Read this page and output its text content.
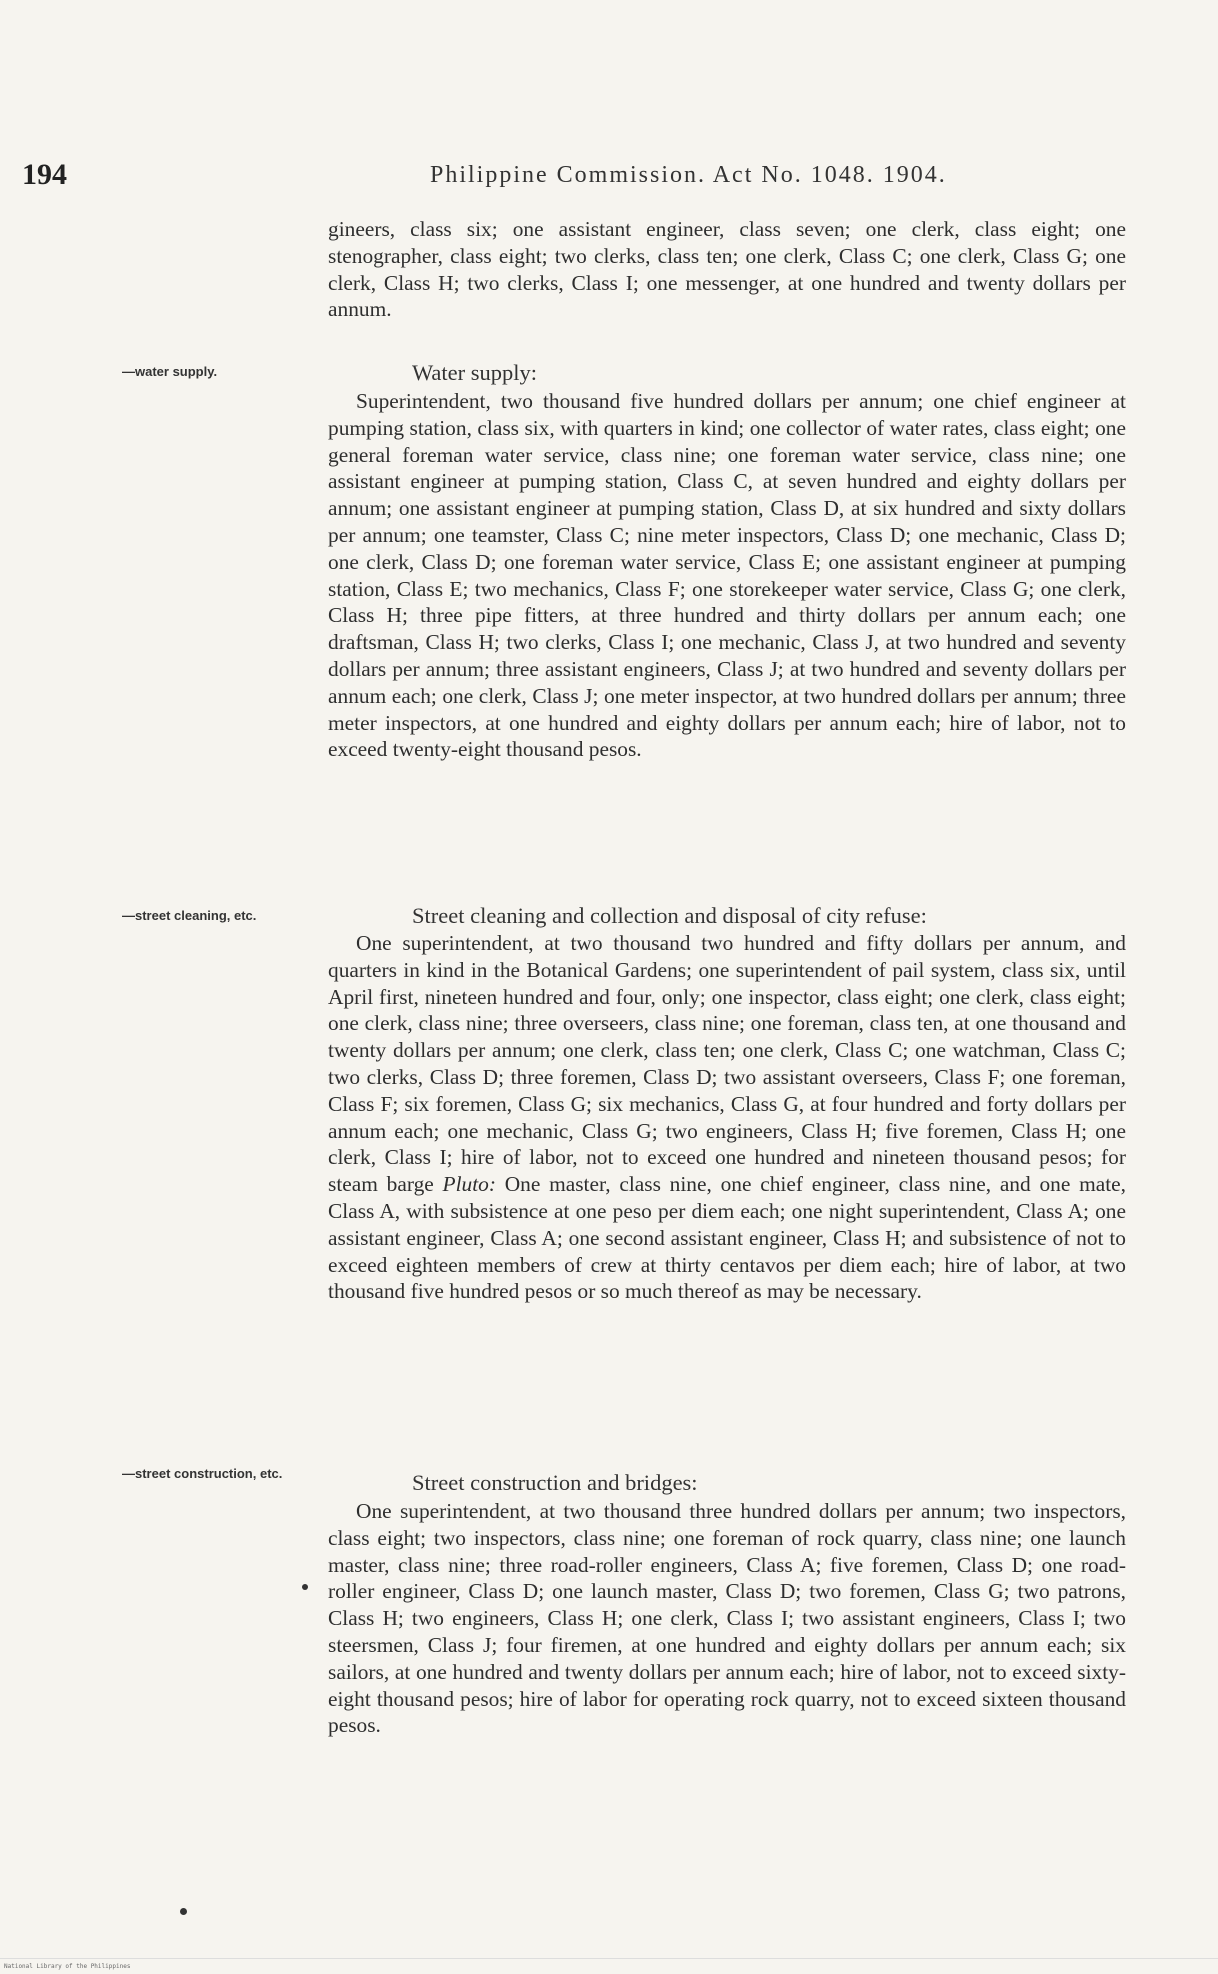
194	Philippine Commission. Act No. 1048. 1904.

gineers, class six; one assistant engineer, class seven; one clerk, class eight; one stenographer, class eight; two clerks, class ten; one clerk, Class C; one clerk, Class G; one clerk, Class H; two clerks, Class I; one messenger, at one hundred and twenty dollars per annum.

—water supply.	Water supply:

Superintendent, two thousand five hundred dollars per annum; one chief engineer at pumping station, class six, with quarters in kind; one collector of water rates, class eight; one general foreman water service, class nine; one foreman water service, class nine; one assistant engineer at pumping station, Class C, at seven hundred and eighty dollars per annum; one assistant engineer at pumping station, Class D, at six hundred and sixty dollars per annum; one teamster, Class C; nine meter inspectors, Class D; one mechanic, Class D; one clerk, Class D; one foreman water service, Class E; one assistant engineer at pumping station, Class E; two mechanics, Class F; one storekeeper water service, Class G; one clerk, Class H; three pipe fitters, at three hundred and thirty dollars per annum each; one draftsman, Class H; two clerks, Class I; one mechanic, Class J, at two hundred and seventy dollars per annum; three assistant engineers, Class J; at two hundred and seventy dollars per annum each; one clerk, Class J; one meter inspector, at two hundred dollars per annum; three meter inspectors, at one hundred and eighty dollars per annum each; hire of labor, not to exceed twenty-eight thousand pesos.

—street cleaning, etc.	Street cleaning and collection and disposal of city refuse:

One superintendent, at two thousand two hundred and fifty dollars per annum, and quarters in kind in the Botanical Gardens; one superintendent of pail system, class six, until April first, nineteen hundred and four, only; one inspector, class eight; one clerk, class eight; one clerk, class nine; three overseers, class nine; one foreman, class ten, at one thousand and twenty dollars per annum; one clerk, class ten; one clerk, Class C; one watchman, Class C; two clerks, Class D; three foremen, Class D; two assistant overseers, Class F; one foreman, Class F; six foremen, Class G; six mechanics, Class G, at four hundred and forty dollars per annum each; one mechanic, Class G; two engineers, Class H; five foremen, Class H; one clerk, Class I; hire of labor, not to exceed one hundred and nineteen thousand pesos; for steam barge Pluto: One master, class nine, one chief engineer, class nine, and one mate, Class A, with subsistence at one peso per diem each; one night superintendent, Class A; one assistant engineer, Class A; one second assistant engineer, Class H; and subsistence of not to exceed eighteen members of crew at thirty centavos per diem each; hire of labor, at two thousand five hundred pesos or so much thereof as may be necessary.

—street construction, etc.	Street construction and bridges:

One superintendent, at two thousand three hundred dollars per annum; two inspectors, class eight; two inspectors, class nine; one foreman of rock quarry, class nine; one launch master, class nine; three road-roller engineers, Class A; five foremen, Class D; one road-roller engineer, Class D; one launch master, Class D; two foremen, Class G; two patrons, Class H; two engineers, Class H; one clerk, Class I; two assistant engineers, Class I; two steersmen, Class J; four firemen, at one hundred and eighty dollars per annum each; six sailors, at one hundred and twenty dollars per annum each; hire of labor, not to exceed sixty-eight thousand pesos; hire of labor for operating rock quarry, not to exceed sixteen thousand pesos.

National Library of the Philippines
